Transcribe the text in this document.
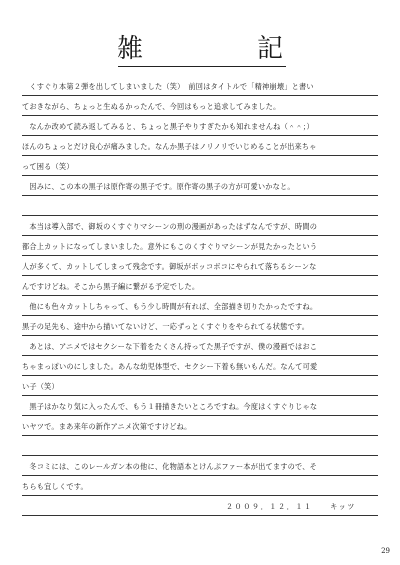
雑　記
　くすぐり本第２弾を出してしまいました（笑）　前回はタイトルで「精神崩壊」と書い
ておきながら、ちょっと生ぬるかったんで、今回はもっと追求してみました。
　なんか改めて読み返してみると、ちょっと黒子やりすぎたかも知れませんね（＾＾；）
ほんのちょっとだけ良心が痛みました。なんか黒子はノリノリでいじめることが出来ちゃ
って困る（笑）
　因みに、この本の黒子は原作寄の黒子です。原作寄の黒子の方が可愛いかなと。
　本当は導入部で、御坂のくすぐりマシーンの刑の漫画があったはずなんですが、時間の
都合上カットになってしまいました。意外にもこのくすぐりマシーンが見たかったという
人が多くて、カットしてしまって残念です。御坂がボッコボコにやられて落ちるシーンな
んですけどね。そこから黒子編に繋がる予定でした。
　他にも色々カットしちゃって、もう少し時間が有れば、全部描き切りたかったですね。
黒子の足先も、途中から描いてないけど、一応ずっとくすぐりをやられてる状態です。
　あとは、アニメではセクシーな下着をたくさん持ってた黒子ですが、僕の漫画ではおこ
ちゃまっぽいのにしました。あんな幼児体型で、セクシー下着も無いもんだ。なんて可愛
い子（笑）
　黒子はかなり気に入ったんで、もう１冊描きたいところですね。今度はくすぐりじゃな
いヤツで。まあ来年の新作アニメ次第ですけどね。
　冬コミには、このレールガン本の他に、化物語本とけんぷファー本が出てますので、そ
ちらも宜しくです。
２００９．１２．１１　　キッツ
29
